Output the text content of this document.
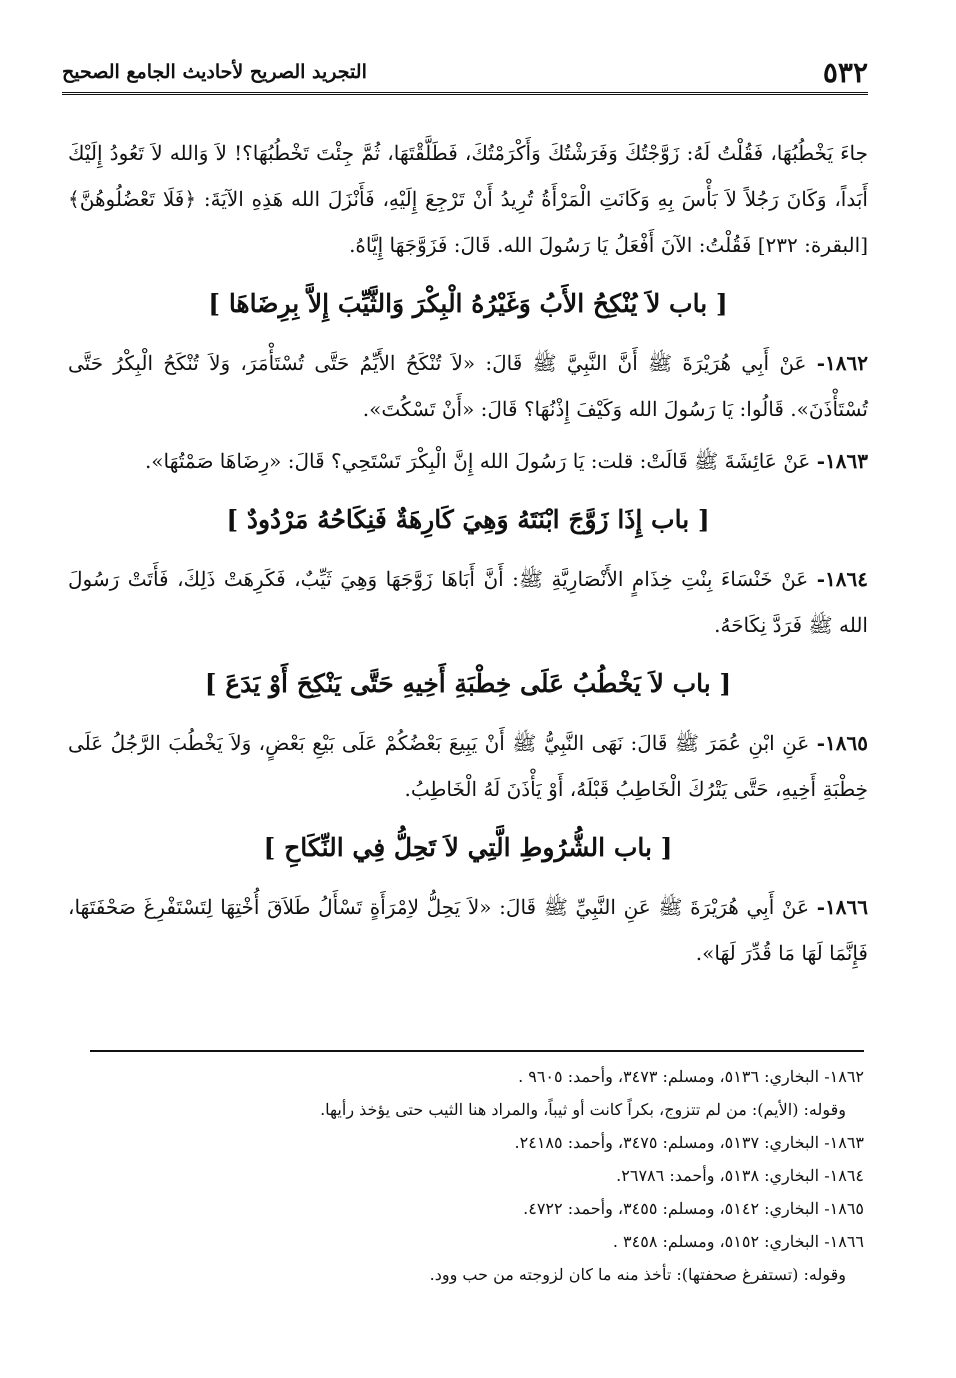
٥٣٢
التجريد الصريح لأحاديث الجامع الصحيح

جاءَ يَخْطُبُهَا، فَقُلْتُ لَهُ: زَوَّجْتُكَ وَفَرَشْتُكَ وَأَكْرَمْتُكَ، فَطَلَّقْتَهَا، ثُمَّ جِئْتَ تَخْطُبُهَا؟! لاَ وَالله لاَ تَعُودُ إِلَيْكَ أَبَداً، وَكَانَ رَجُلاً لاَ بَأْسَ بِهِ وَكَانَتِ الْمَرْأَةُ تُرِيدُ أَنْ تَرْجِعَ إِلَيْهِ، فَأَنْزَلَ الله هَذِهِ الآيَةَ: ﴿فَلَا تَعْضُلُوهُنَّ﴾ [البقرة: ٢٣٢] فَقُلْتُ: الآنَ أَفْعَلُ يَا رَسُولَ الله. قَالَ: فَزَوَّجَهَا إِيَّاهُ.

[ باب لاَ يُنْكِحُ الأَبُ وَغَيْرُهُ الْبِكْرَ وَالثَّيِّبَ إِلاَّ بِرِضَاهَا ]

١٨٦٢- عَنْ أَبِي هُرَيْرَةَ ﷺ أَنَّ النَّبِيَّ ﷺ قَالَ: «لاَ تُنْكَحُ الأَيِّمُ حَتَّى تُسْتَأْمَرَ، وَلاَ تُنْكَحُ الْبِكْرُ حَتَّى تُسْتَأْذَنَ». قَالُوا: يَا رَسُولَ الله وَكَيْفَ إِذْنُهَا؟ قَالَ: «أَنْ تَسْكُتَ».

١٨٦٣- عَنْ عَائِشَةَ ﷺ قَالَتْ: قلت: يَا رَسُولَ الله إِنَّ الْبِكْرَ تَسْتَحِي؟ قَالَ: «رِضَاهَا صَمْتُهَا».

[ باب إِذَا زَوَّجَ ابْنَتَهُ وَهِيَ كَارِهَةٌ فَنِكَاحُهُ مَرْدُودٌ ]

١٨٦٤- عَنْ خَنْسَاءَ بِنْتِ خِذَامٍ الأَنْصَارِيَّةِ ﷺ: أَنَّ أَبَاهَا زَوَّجَهَا وَهِيَ ثَيِّبٌ، فَكَرِهَتْ ذَلِكَ، فَأَتَتْ رَسُولَ الله ﷺ فَرَدَّ نِكَاحَهُ.

[ باب لاَ يَخْطُبُ عَلَى خِطْبَةِ أَخِيهِ حَتَّى يَنْكِحَ أَوْ يَدَعَ ]

١٨٦٥- عَنِ ابْنِ عُمَرَ ﷺ قَالَ: نَهَى النَّبِيُّ ﷺ أَنْ يَبِيعَ بَعْضُكُمْ عَلَى بَيْعِ بَعْضٍ، وَلاَ يَخْطُبَ الرَّجُلُ عَلَى خِطْبَةِ أَخِيهِ، حَتَّى يَتْرُكَ الْخَاطِبُ قَبْلَهُ، أَوْ يَأْذَنَ لَهُ الْخَاطِبُ.

[ باب الشُّرُوطِ الَّتِي لاَ تَحِلُّ فِي النِّكَاحِ ]

١٨٦٦- عَنْ أَبِي هُرَيْرَةَ ﷺ عَنِ النَّبِيِّ ﷺ قَالَ: «لاَ يَحِلُّ لاِمْرَأَةٍ تَسْأَلُ طَلاَقَ أُخْتِهَا لِتَسْتَفْرِغَ صَحْفَتَهَا، فَإِنَّمَا لَهَا مَا قُدِّرَ لَهَا».

١٨٦٢- البخاري: ٥١٣٦، ومسلم: ٣٤٧٣، وأحمد: ٩٦٠٥ .
وقوله: (الأيم): من لم تتزوج، بكراً كانت أو ثيباً، والمراد هنا الثيب حتى يؤخذ رأيها.
١٨٦٣- البخاري: ٥١٣٧، ومسلم: ٣٤٧٥، وأحمد: ٢٤١٨٥.
١٨٦٤- البخاري: ٥١٣٨، وأحمد: ٢٦٧٨٦.
١٨٦٥- البخاري: ٥١٤٢، ومسلم: ٣٤٥٥، وأحمد: ٤٧٢٢.
١٨٦٦- البخاري: ٥١٥٢، ومسلم: ٣٤٥٨ .
وقوله: (تستفرغ صحفتها): تأخذ منه ما كان لزوجته من حب وود.
